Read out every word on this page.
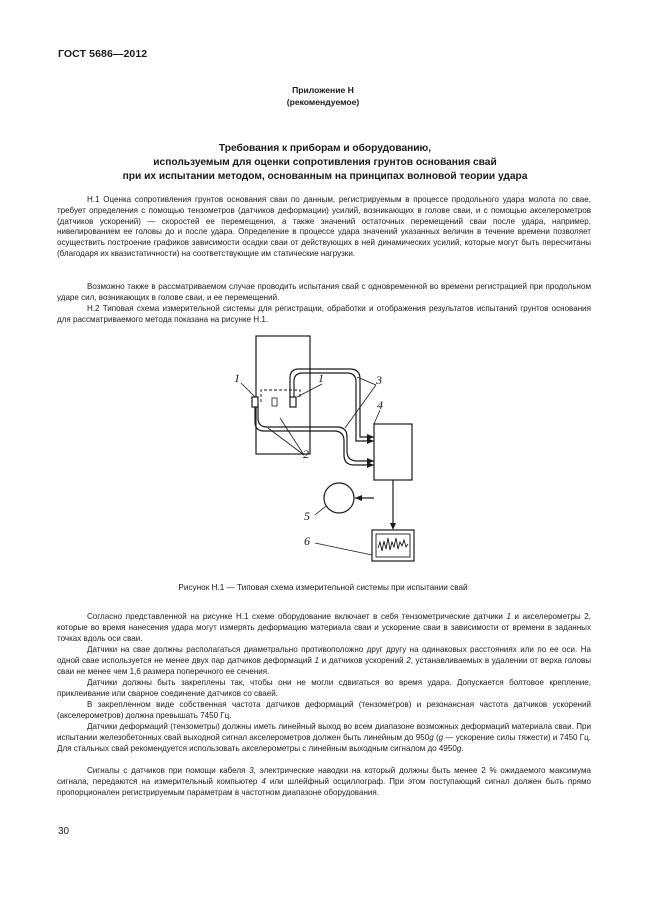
ГОСТ 5686—2012
Приложение Н
(рекомендуемое)
Требования к приборам и оборудованию,
используемым для оценки сопротивления грунтов основания свай
при их испытании методом, основанным на принципах волновой теории удара

Н.1 Оценка сопротивления грунтов основания сваи по данным, регистрируемым в процессе продольного удара молота по свае, требует определения с помощью тензометров (датчиков деформации) усилий, возникающих в голове сваи, и с помощью акселерометров (датчиков ускорений) — скоростей ее перемещения, а также значений остаточных перемещений сваи после удара, например, нивелированием ее головы до и после удара. Определение в процессе удара значений указанных величин в течение времени позволяет осуществить построение графиков зависимости осадки сваи от действующих в ней динамических усилий, которые могут быть пересчитаны (благодаря их квазистатичности) на соответствующие им статические нагрузки.

Возможно также в рассматриваемом случае проводить испытания свай с одновременной во времени регистрацией при продольном ударе сил, возникающих в голове сваи, и ее перемещений.

Н.2 Типовая схема измерительной системы для регистрации, обработки и отображения результатов испытаний грунтов основания для рассматриваемого метода показана на рисунке Н.1.

1	1
2
3
4
5
6
Рисунок Н.1 — Типовая схема измерительной системы при испытании свай

Согласно представленной на рисунке Н.1 схеме оборудование включает в себя тензометрические датчики 1 и акселерометры 2, которые во время нанесения удара могут измерять деформацию материала сваи и ускорение сваи в зависимости от времени в заданных точках вдоль оси сваи.

Датчики на свае должны располагаться диаметрально противоположно друг другу на одинаковых расстояниях или по ее оси. На одной свае используется не менее двух пар датчиков деформаций 1 и датчиков ускорений 2, устанавливаемых в удалении от верха головы сваи не менее чем 1,6 размера поперечного ее сечения.

Датчики должны быть закреплены так, чтобы они не могли сдвигаться во время удара. Допускается болтовое крепление, приклеивание или сварное соединение датчиков со сваей.

В закрепленном виде собственная частота датчиков деформаций (тензометров) и резонансная частота датчиков ускорений (акселерометров) должна превышать 7450 Гц.

Датчики деформаций (тензометры) должны иметь линейный выход во всем диапазоне возможных деформаций материала сваи. При испытании железобетонных свай выходной сигнал акселерометров должен быть линейным до 950g (g — ускорение силы тяжести) и 7450 Гц. Для стальных свай рекомендуется использовать акселерометры с линейным выходным сигналом до 4950g.

Сигналы с датчиков при помощи кабеля 3, электрические наводки на который должны быть менее 2 % ожидаемого максимума сигнала, передаются на измерительный компьютер 4 или шлейфный осциллограф. При этом поступающий сигнал должен быть прямо пропорционален регистрируемым параметрам в частотном диапазоне оборудования.

30
